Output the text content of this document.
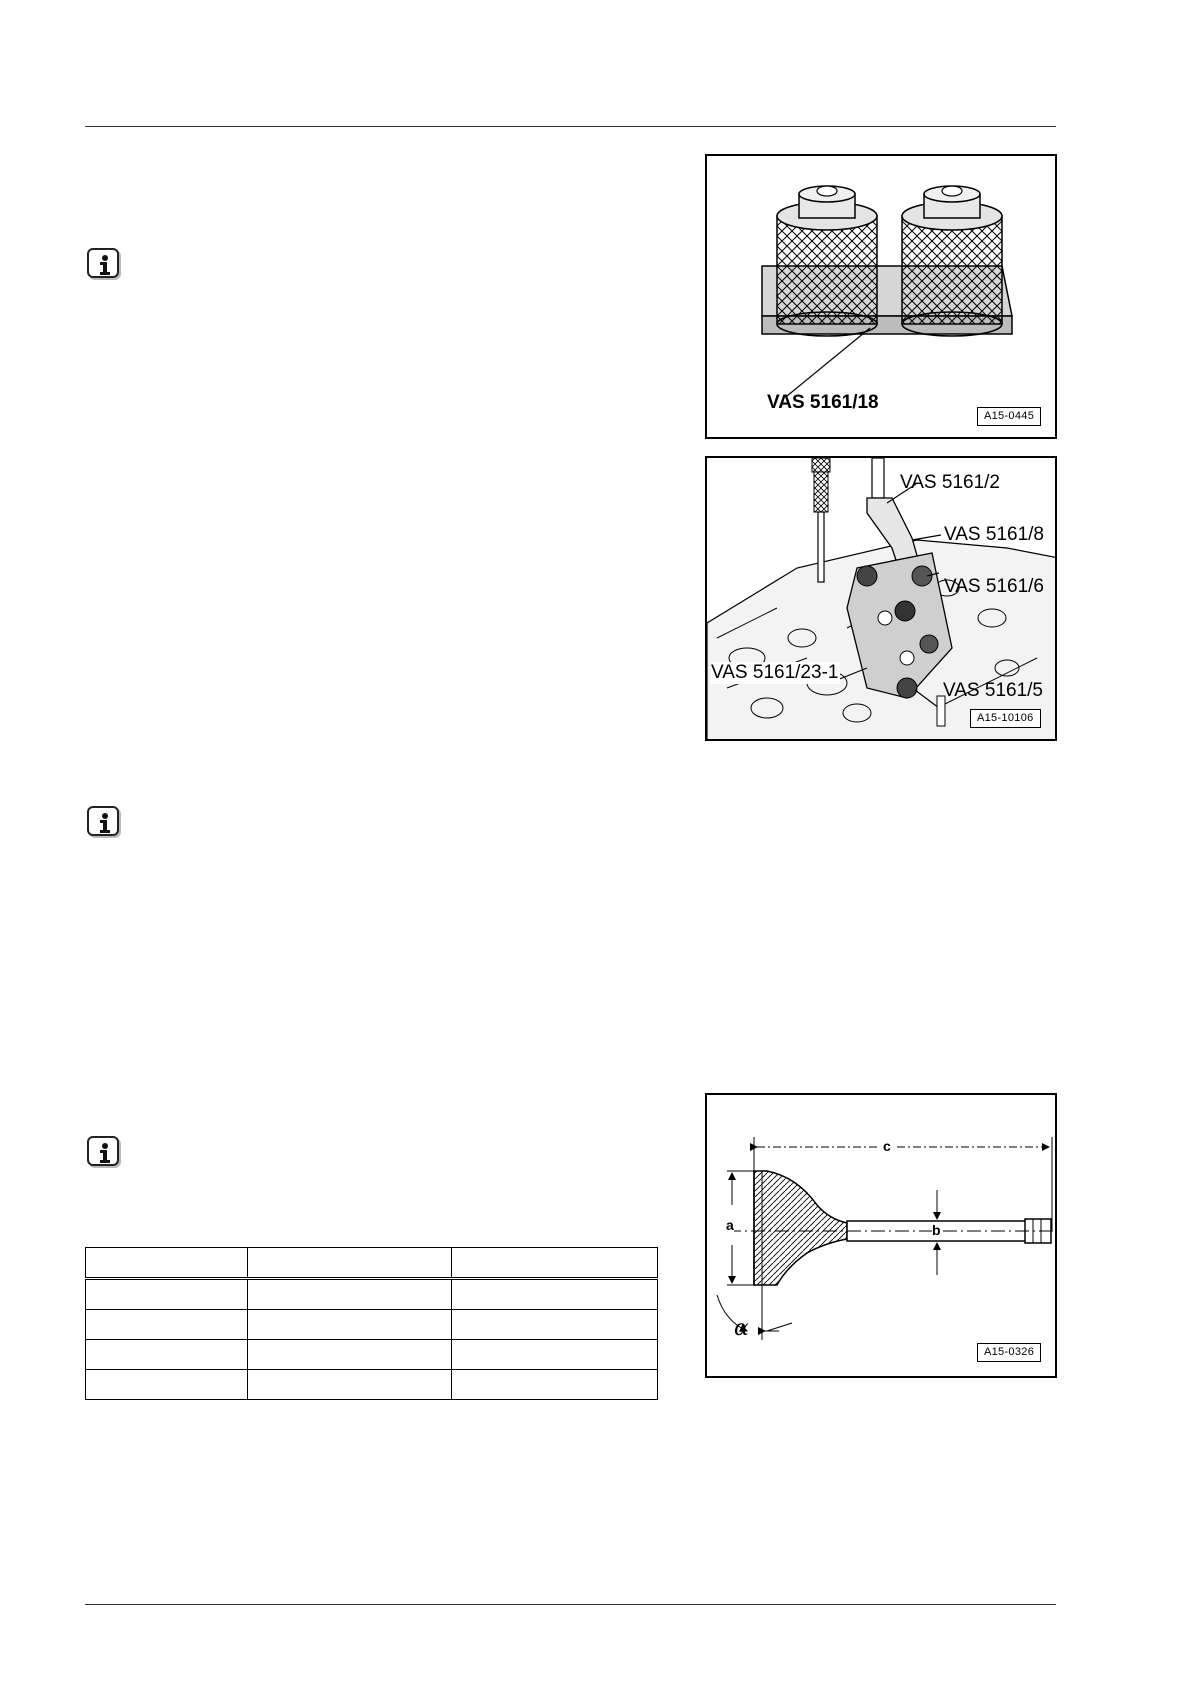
VAS 5161/18
A15-0445
VAS 5161/2
VAS 5161/8
VAS 5161/6
VAS 5161/23-1
VAS 5161/5
A15-10106
c
a	b
α
A15-0326
